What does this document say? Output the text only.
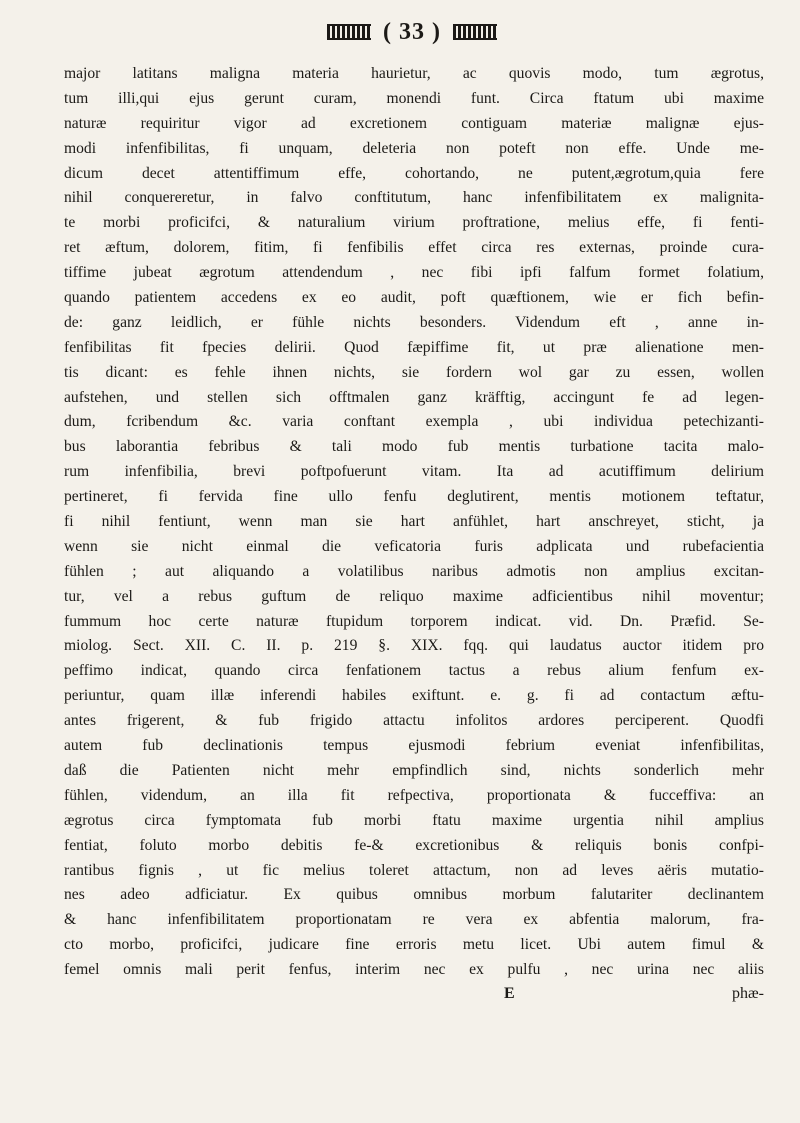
( 33 )
major latitans maligna materia haurietur, ac quovis modo, tum ægrotus,
tum illi,qui ejus gerunt curam, monendi funt. Circa ftatum ubi maxime
naturæ requiritur vigor ad excretionem contiguam materiæ malignæ ejus-
modi infenfibilitas, fi unquam, deleteria non poteft non effe. Unde me-
dicum decet attentiffimum effe, cohortando, ne putent,ægrotum,quia fere
nihil conquereretur, in falvo conftitutum, hanc infenfibilitatem ex malignita-
te morbi proficifci, & naturalium virium proftratione, melius effe, fi fenti-
ret æftum, dolorem, fitim, fi fenfibilis effet circa res externas, proinde cura-
tiffime jubeat ægrotum attendendum , nec fibi ipfi falfum formet folatium,
quando patientem accedens ex eo audit, poft quæftionem, wie er fich befin-
de: ganz leidlich, er fühle nichts besonders. Videndum eft , anne in-
fenfibilitas fit fpecies delirii. Quod fæpiffime fit, ut præ alienatione men-
tis dicant: es fehle ihnen nichts, sie fordern wol gar zu essen, wollen
aufstehen, und stellen sich offtmalen ganz kräfftig, accingunt fe ad legen-
dum, fcribendum &c. varia conftant exempla , ubi individua petechizanti-
bus laborantia febribus & tali modo fub mentis turbatione tacita malo-
rum infenfibilia, brevi poftpofuerunt vitam. Ita ad acutiffimum delirium
pertineret, fi fervida fine ullo fenfu deglutirent, mentis motionem teftatur,
fi nihil fentiunt, wenn man sie hart anfühlet, hart anschreyet, sticht, ja
wenn sie nicht einmal die veficatoria furis adplicata und rubefacientia
fühlen ; aut aliquando a volatilibus naribus admotis non amplius excitan-
tur, vel a rebus guftum de reliquo maxime adficientibus nihil moventur;
fummum hoc certe naturæ ftupidum torporem indicat. vid. Dn. Præfid. Se-
miolog. Sect. XII. C. II. p. 219 §. XIX. fqq. qui laudatus auctor itidem pro
peffimo indicat, quando circa fenfationem tactus a rebus alium fenfum ex-
periuntur, quam illæ inferendi habiles exiftunt. e. g. fi ad contactum æftu-
antes frigerent, & fub frigido attactu infolitos ardores perciperent. Quodfi
autem fub declinationis tempus ejusmodi febrium eveniat infenfibilitas,
daß die Patienten nicht mehr empfindlich sind, nichts sonderlich mehr
fühlen, videndum, an illa fit refpectiva, proportionata & fucceffiva: an
ægrotus circa fymptomata fub morbi ftatu maxime urgentia nihil amplius
fentiat, foluto morbo debitis fe-& excretionibus & reliquis bonis confpi-
rantibus fignis , ut fic melius toleret attactum, non ad leves aëris mutatio-
nes adeo adficiatur. Ex quibus omnibus morbum falutariter declinantem
& hanc infenfibilitatem proportionatam re vera ex abfentia malorum, fra-
cto morbo, proficifci, judicare fine erroris metu licet. Ubi autem fimul &
femel omnis mali perit fenfus, interim nec ex pulfu , nec urina nec aliis
E	phæ-
